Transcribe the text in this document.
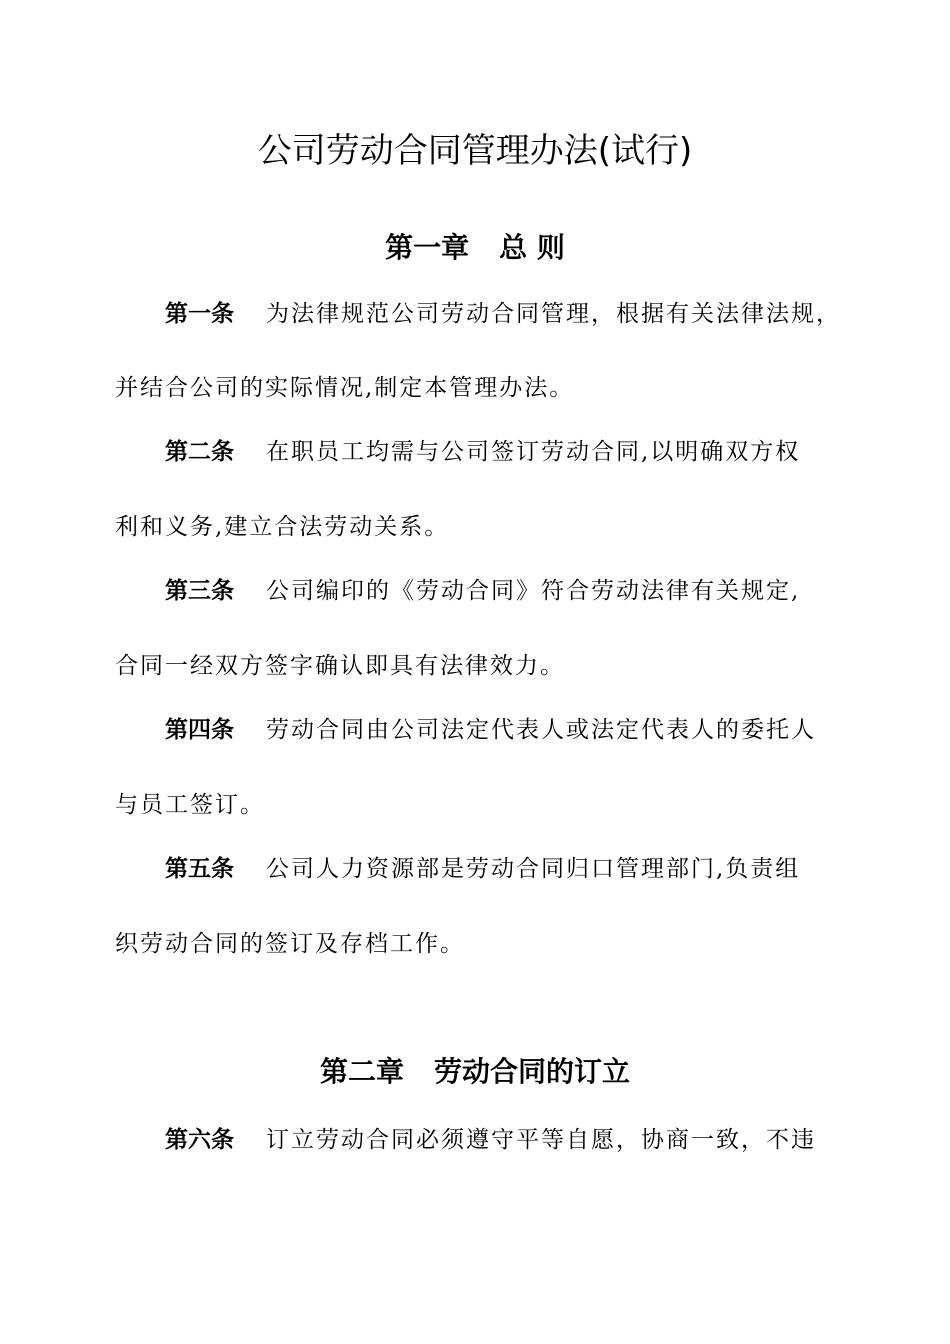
公司劳动合同管理办法(试行)
第一章 总 则
第一条 为法律规范公司劳动合同管理，根据有关法律法规，
并结合公司的实际情况,制定本管理办法。
第二条 在职员工均需与公司签订劳动合同,以明确双方权
利和义务,建立合法劳动关系。
第三条 公司编印的《劳动合同》符合劳动法律有关规定,
合同一经双方签字确认即具有法律效力。
第四条 劳动合同由公司法定代表人或法定代表人的委托人
与员工签订。
第五条 公司人力资源部是劳动合同归口管理部门,负责组
织劳动合同的签订及存档工作。
第二章 劳动合同的订立
第六条 订立劳动合同必须遵守平等自愿，协商一致，不违
